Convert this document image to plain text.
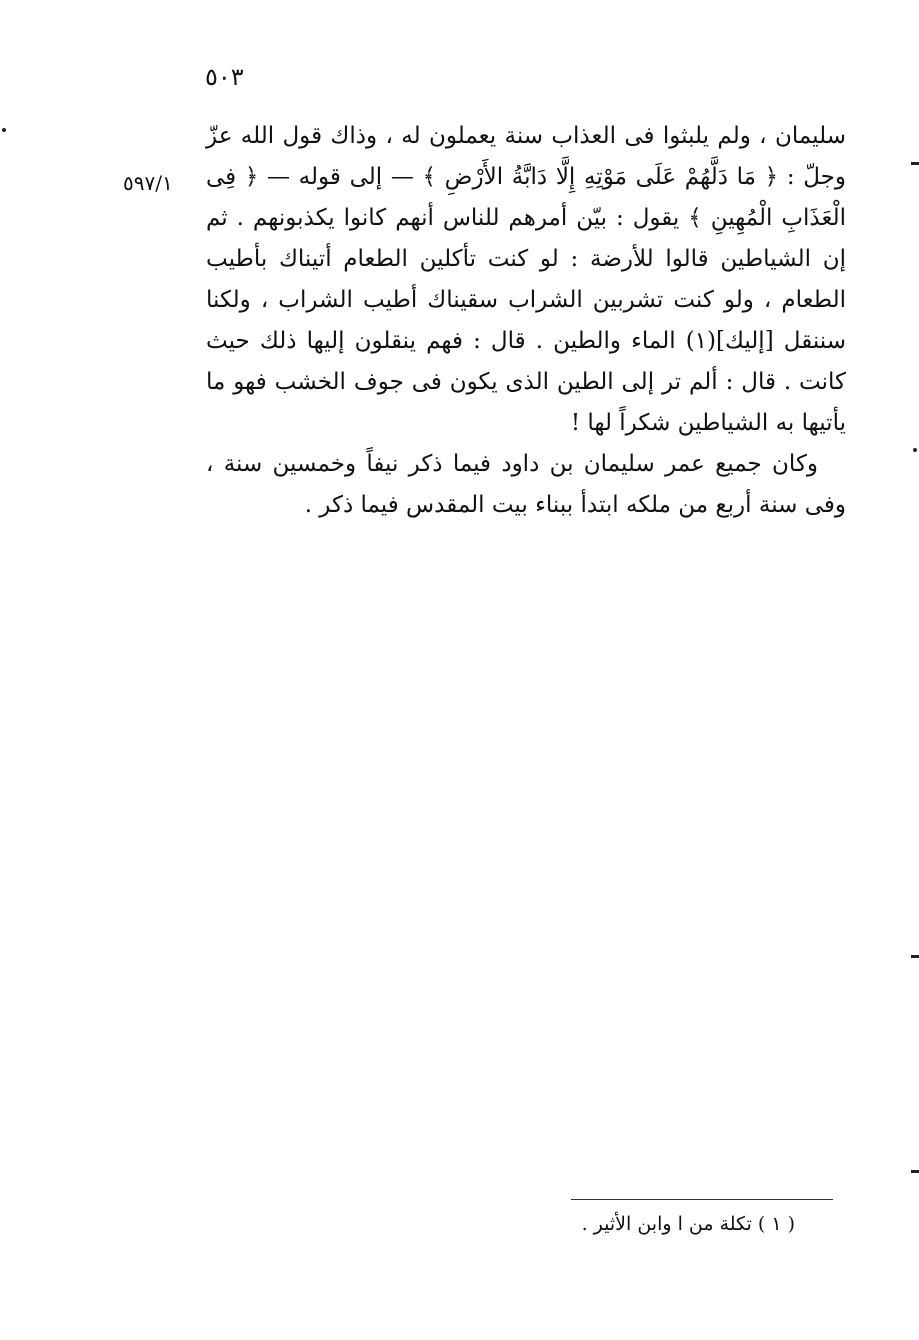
٥٠٣
٥٩٧/١

سليمان ، ولم يلبثوا فى العذاب سنة يعملون له ، وذاك قول الله عزّ وجلّ : ﴿ مَا دَلَّهُمْ عَلَى مَوْتِهِ إِلَّا دَابَّةُ الأَرْضِ ﴾ — إلى قوله — ﴿ فِى الْعَذَابِ الْمُهِينِ ﴾ يقول : بيّن أمرهم للناس أنهم كانوا يكذبونهم . ثم إن الشياطين قالوا للأرضة : لو كنت تأكلين الطعام أتيناك بأطيب الطعام ، ولو كنت تشربين الشراب سقيناك أطيب الشراب ، ولكنا سننقل [إليك](١) الماء والطين . قال : فهم ينقلون إليها ذلك حيث كانت . قال : ألم تر إلى الطين الذى يكون فى جوف الخشب فهو ما يأتيها به الشياطين شكراً لها !

وكان جميع عمر سليمان بن داود فيما ذكر نيفاً وخمسين سنة ، وفى سنة أربع من ملكه ابتدأ ببناء بيت المقدس فيما ذكر .

( ١ ) تكلة من ا وابن الأثير .
